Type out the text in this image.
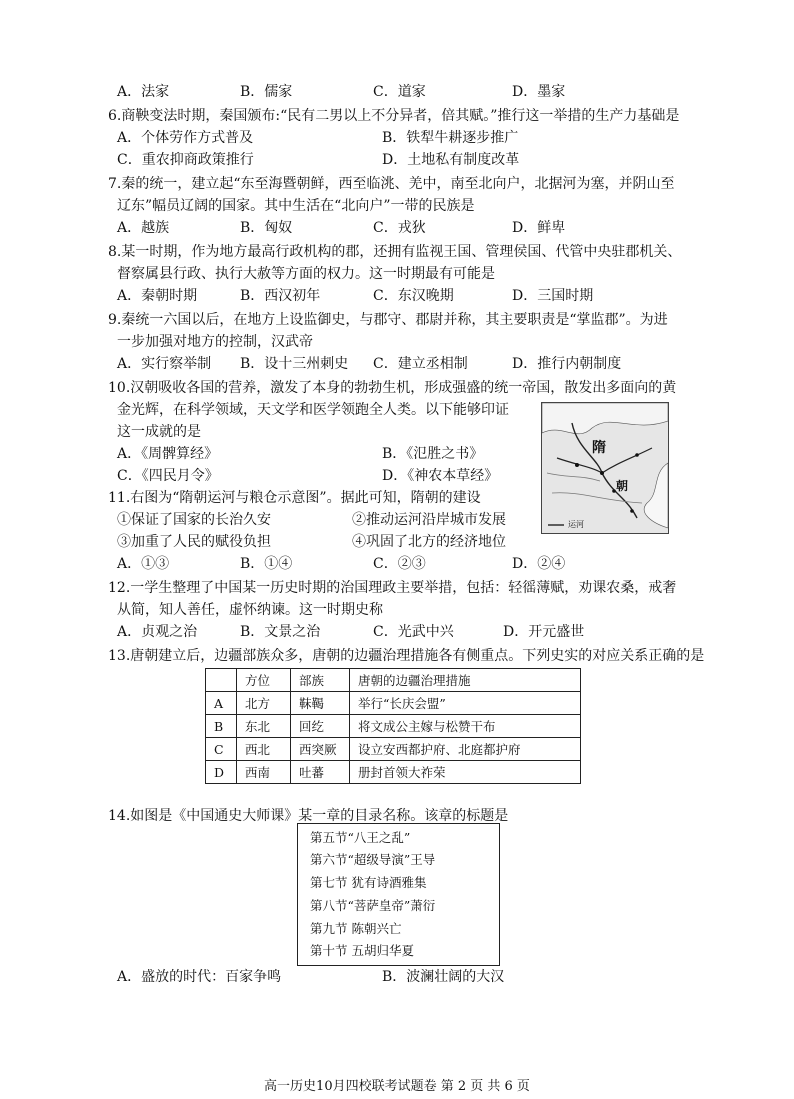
A．法家	B．儒家	C．道家	D．墨家
6.商鞅变法时期，秦国颁布:“民有二男以上不分异者，倍其赋。”推行这一举措的生产力基础是
A．个体劳作方式普及	B．铁犁牛耕逐步推广
C．重农抑商政策推行	D．土地私有制度改革
7.秦的统一，建立起“东至海暨朝鲜，西至临洮、羌中，南至北向户，北据河为塞，并阴山至
辽东”幅员辽阔的国家。其中生活在“北向户”一带的民族是
A．越族	B．匈奴	C．戎狄	D．鲜卑
8.某一时期，作为地方最高行政机构的郡，还拥有监视王国、管理侯国、代管中央驻郡机关、
督察属县行政、执行大赦等方面的权力。这一时期最有可能是
A．秦朝时期	B．西汉初年	C．东汉晚期	D．三国时期
9.秦统一六国以后，在地方上设监御史，与郡守、郡尉并称，其主要职责是“掌监郡”。为进
一步加强对地方的控制，汉武帝
A．实行察举制 B．设十三州刺史 C．建立丞相制	D．推行内朝制度
10.汉朝吸收各国的营养，激发了本身的勃勃生机，形成强盛的统一帝国，散发出多面向的黄
金光辉，在科学领域，天文学和医学领跑全人类。以下能够印证
这一成就的是
A．《周髀算经》	B．《氾胜之书》
C．《四民月令》	D．《神农本草经》
隋
朝
运河
11.右图为“隋朝运河与粮仓示意图”。据此可知，隋朝的建设
①保证了国家的长治久安	②推动运河沿岸城市发展
③加重了人民的赋役负担	④巩固了北方的经济地位
A．①③	B．①④	C．②③	D．②④
12.一学生整理了中国某一历史时期的治国理政主要举措，包括：轻徭薄赋，劝课农桑，戒奢
从简，知人善任，虚怀纳谏。这一时期史称
A．贞观之治	B．文景之治	C．光武中兴	D．开元盛世
13.唐朝建立后，边疆部族众多，唐朝的边疆治理措施各有侧重点。下列史实的对应关系正确的是
	方位	部族	唐朝的边疆治理措施
A	北方	靺鞨	举行“长庆会盟”
B	东北	回纥	将文成公主嫁与松赞干布
C	西北	西突厥	设立安西都护府、北庭都护府
D	西南	吐蕃	册封首领大祚荣
14.如图是《中国通史大师课》某一章的目录名称。该章的标题是
第五节“八王之乱”
第六节“超级导演”王导
第七节 犹有诗酒雅集
第八节“菩萨皇帝”萧衍
第九节 陈朝兴亡
第十节 五胡归华夏
A．盛放的时代：百家争鸣	B．波澜壮阔的大汉
高一历史10月四校联考试题卷 第 2 页 共 6 页
